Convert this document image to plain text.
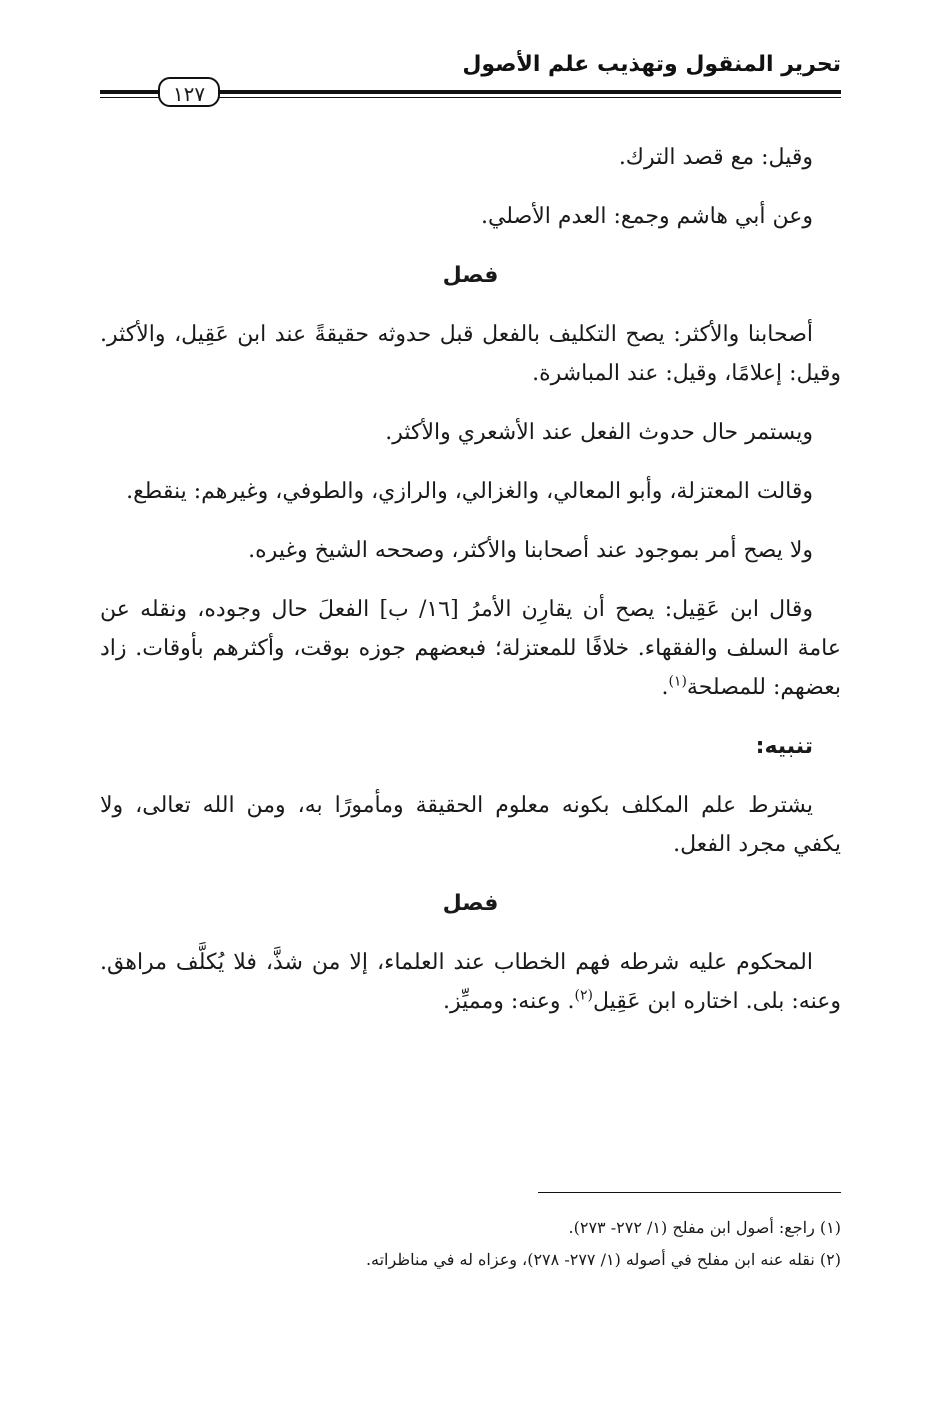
تحرير المنقول وتهذيب علم الأصول
١٢٧

وقيل: مع قصد الترك.

وعن أبي هاشم وجمع: العدم الأصلي.

فصل

أصحابنا والأكثر: يصح التكليف بالفعل قبل حدوثه حقيقةً عند ابن عَقِيل، والأكثر. وقيل: إعلامًا، وقيل: عند المباشرة.

ويستمر حال حدوث الفعل عند الأشعري والأكثر.

وقالت المعتزلة، وأبو المعالي، والغزالي، والرازي، والطوفي، وغيرهم: ينقطع.

ولا يصح أمر بموجود عند أصحابنا والأكثر، وصححه الشيخ وغيره.

وقال ابن عَقِيل: يصح أن يقارِن الأمرُ [١٦/ ب] الفعلَ حال وجوده، ونقله عن عامة السلف والفقهاء. خلافًا للمعتزلة؛ فبعضهم جوزه بوقت، وأكثرهم بأوقات. زاد بعضهم: للمصلحة$^{(١)}$.

تنبيه:

يشترط علم المكلف بكونه معلوم الحقيقة ومأمورًا به، ومن الله تعالى، ولا يكفي مجرد الفعل.

فصل

المحكوم عليه شرطه فهم الخطاب عند العلماء، إلا من شذَّ، فلا يُكلَّف مراهق. وعنه: بلى. اختاره ابن عَقِيل$^{(٢)}$. وعنه: ومميِّز.

(١) راجع: أصول ابن مفلح (١/ ٢٧٢- ٢٧٣).

(٢) نقله عنه ابن مفلح في أصوله (١/ ٢٧٧- ٢٧٨)، وعزاه له في مناظراته.
